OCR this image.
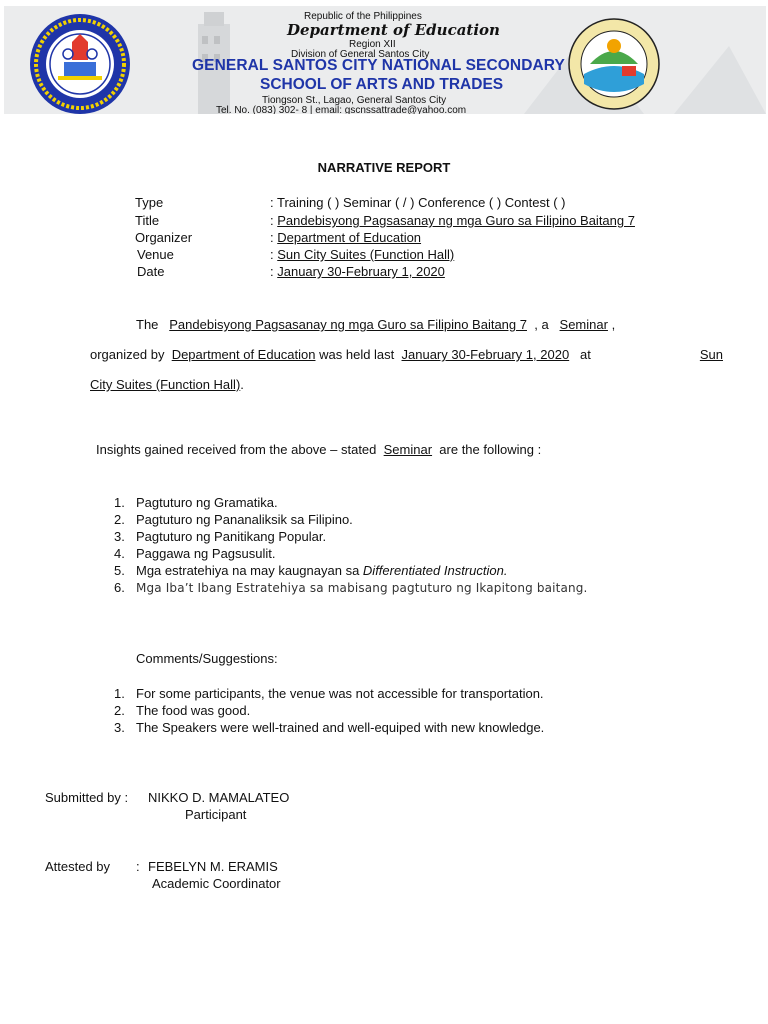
Republic of the Philippines
Department of Education
Region XII
Division of General Santos City
GENERAL SANTOS CITY NATIONAL SECONDARY
SCHOOL OF ARTS AND TRADES
Tiongson St., Lagao, General Santos City
Tel. No. (083) 302- 8 | email: gscnssattrade@yahoo.com
NARRATIVE REPORT
Type	: Training ( ) Seminar ( / ) Conference ( ) Contest ( )
Title	: Pandebisyong Pagsasanay ng mga Guro sa Filipino Baitang 7
Organizer	: Department of Education
Venue	: Sun City Suites (Function Hall)
Date	: January 30-February 1, 2020
The Pandebisyong Pagsasanay ng mga Guro sa Filipino Baitang 7 , a Seminar ,
organized by Department of Education was held last January 30-February 1, 2020 at	Sun
City Suites (Function Hall).
Insights gained received from the above – stated Seminar are the following :
1. Pagtuturo ng Gramatika.
2. Pagtuturo ng Pananaliksik sa Filipino.
3. Pagtuturo ng Panitikang Popular.
4. Paggawa ng Pagsusulit.
5. Mga estratehiya na may kaugnayan sa Differentiated Instruction.
6. Mga Iba’t Ibang Estratehiya sa mabisang pagtuturo ng Ikapitong baitang.
Comments/Suggestions:
1. For some participants, the venue was not accessible for transportation.
2. The food was good.
3. The Speakers were well-trained and well-equiped with new knowledge.
Submitted by : NIKKO D. MAMALATEO
Participant
Attested by : FEBELYN M. ERAMIS
Academic Coordinator
